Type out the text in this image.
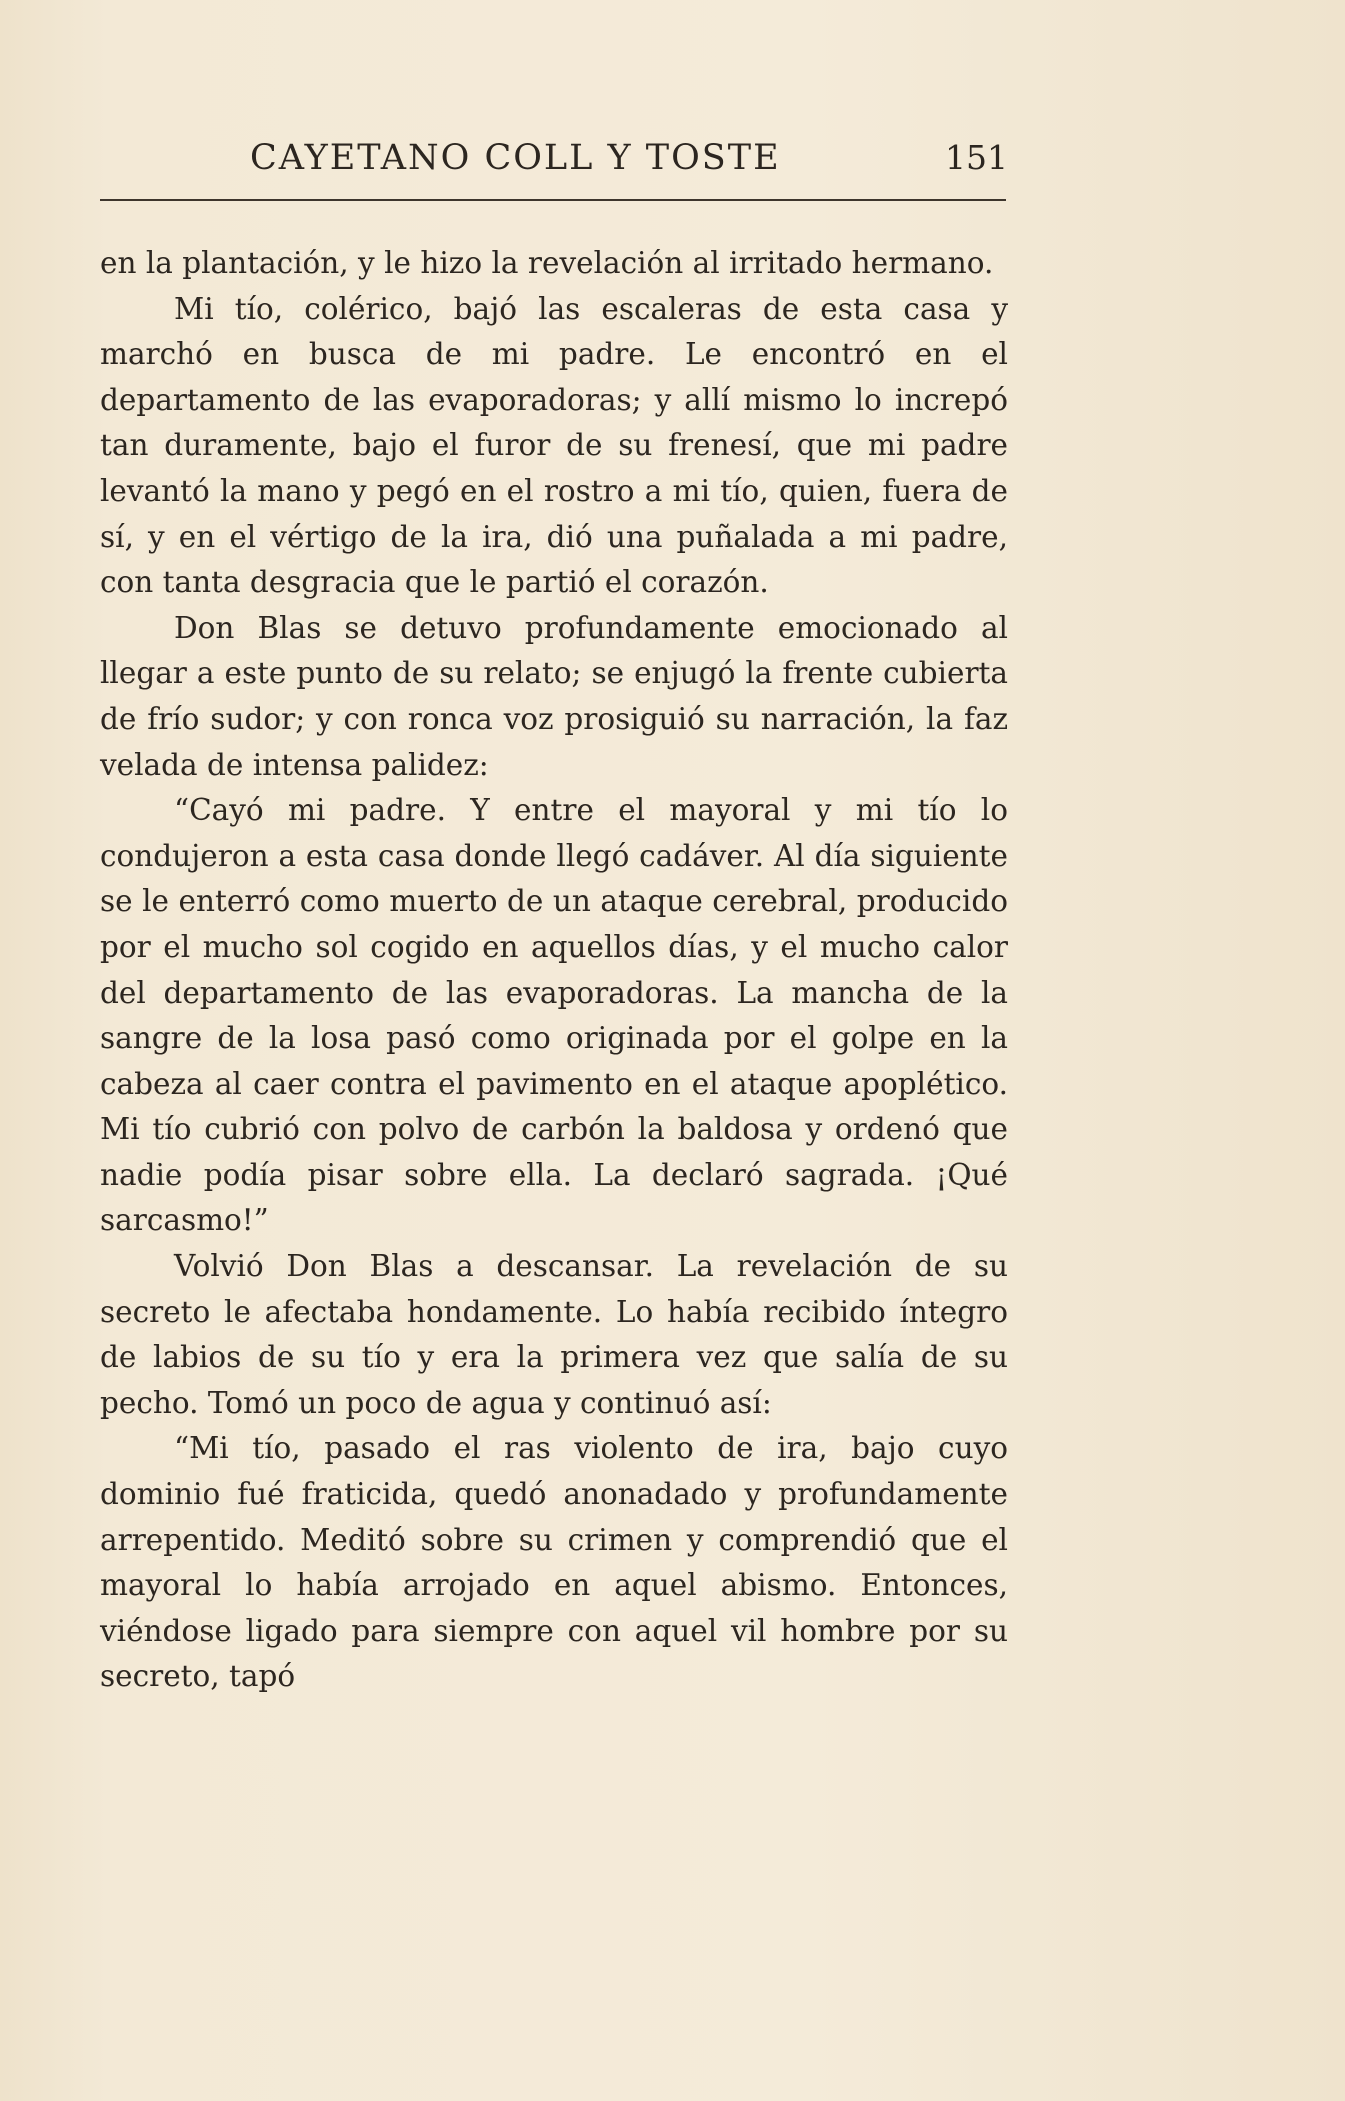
CAYETANO COLL Y TOSTE	151

en la plantación, y le hizo la revelación al irritado hermano.

Mi tío, colérico, bajó las escaleras de esta casa y marchó en busca de mi padre. Le encontró en el departamento de las evaporadoras; y allí mismo lo increpó tan duramente, bajo el furor de su frenesí, que mi padre levantó la mano y pegó en el rostro a mi tío, quien, fuera de sí, y en el vértigo de la ira, dió una puñalada a mi padre, con tanta desgracia que le partió el corazón.

Don Blas se detuvo profundamente emocionado al llegar a este punto de su relato; se enjugó la frente cubierta de frío sudor; y con ronca voz prosiguió su narración, la faz velada de intensa palidez:

“Cayó mi padre. Y entre el mayoral y mi tío lo condujeron a esta casa donde llegó cadáver. Al día siguiente se le enterró como muerto de un ataque cerebral, producido por el mucho sol cogido en aquellos días, y el mucho calor del departamento de las evaporadoras. La mancha de la sangre de la losa pasó como originada por el golpe en la cabeza al caer contra el pavimento en el ataque apoplético. Mi tío cubrió con polvo de carbón la baldosa y ordenó que nadie podía pisar sobre ella. La declaró sagrada. ¡Qué sarcasmo!”

Volvió Don Blas a descansar. La revelación de su secreto le afectaba hondamente. Lo había recibido íntegro de labios de su tío y era la primera vez que salía de su pecho. Tomó un poco de agua y continuó así:

“Mi tío, pasado el ras violento de ira, bajo cuyo dominio fué fraticida, quedó anonadado y profundamente arrepentido. Meditó sobre su crimen y comprendió que el mayoral lo había arrojado en aquel abismo. Entonces, viéndose ligado para siempre con aquel vil hombre por su secreto, tapó
